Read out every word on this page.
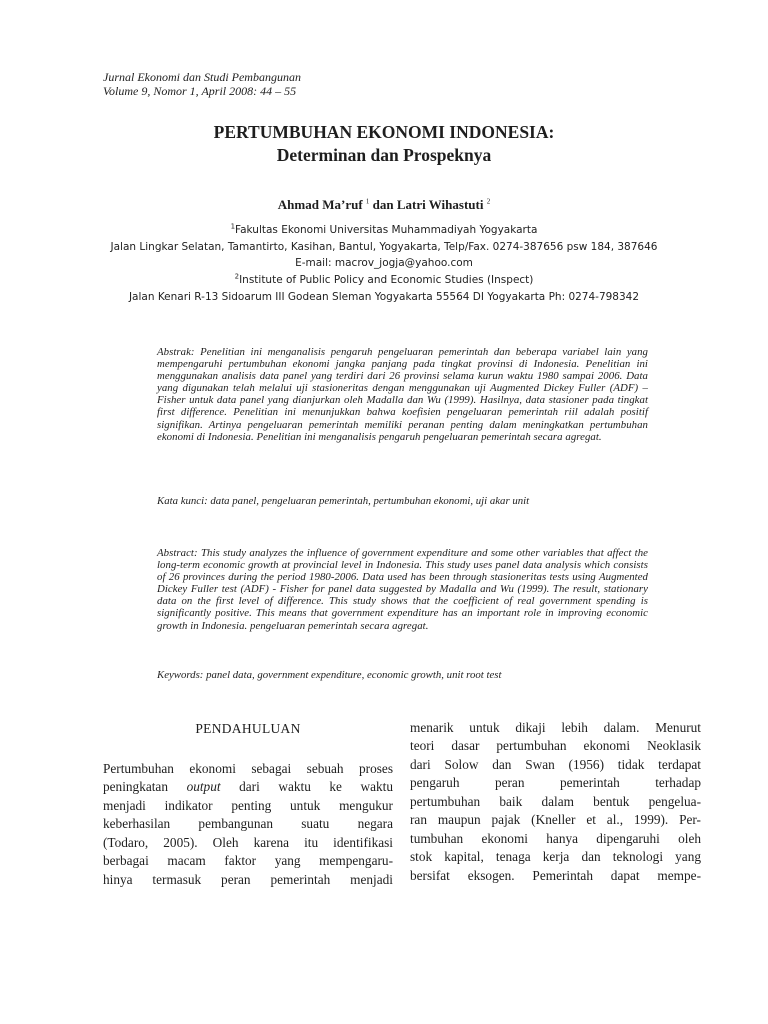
Jurnal Ekonomi dan Studi Pembangunan
Volume 9, Nomor 1, April 2008: 44 – 55
PERTUMBUHAN EKONOMI INDONESIA:
Determinan dan Prospeknya
Ahmad Ma’ruf $^1$ dan Latri Wihastuti $^2$
$^1$Fakultas Ekonomi Universitas Muhammadiyah Yogyakarta
Jalan Lingkar Selatan, Tamantirto, Kasihan, Bantul, Yogyakarta, Telp/Fax. 0274-387656 psw 184, 387646
E-mail: macrov_jogja@yahoo.com
$^2$Institute of Public Policy and Economic Studies (Inspect)
Jalan Kenari R-13 Sidoarum III Godean Sleman Yogyakarta 55564 DI Yogyakarta Ph: 0274-798342
Abstrak: Penelitian ini menganalisis pengaruh pengeluaran pemerintah dan beberapa variabel lain yang mempengaruhi pertumbuhan ekonomi jangka panjang pada tingkat provinsi di Indonesia. Penelitian ini menggunakan analisis data panel yang terdiri dari 26 provinsi selama kurun waktu 1980 sampai 2006. Data yang digunakan telah melalui uji stasioneritas dengan menggunakan uji Augmented Dickey Fuller (ADF) – Fisher untuk data panel yang dianjurkan oleh Madalla dan Wu (1999). Hasilnya, data stasioner pada tingkat first difference. Penelitian ini menunjukkan bahwa koefisien pengeluaran pemerintah riil adalah positif signifikan. Artinya pengeluaran pemerintah memiliki peranan penting dalam meningkatkan pertumbuhan ekonomi di Indonesia. Penelitian ini menganalisis pengaruh pengeluaran pemerintah secara agregat.
Kata kunci: data panel, pengeluaran pemerintah, pertumbuhan ekonomi, uji akar unit
Abstract: This study analyzes the influence of government expenditure and some other variables that affect the long-term economic growth at provincial level in Indonesia. This study uses panel data analysis which consists of 26 provinces during the period 1980-2006. Data used has been through stasioneritas tests using Augmented Dickey Fuller test (ADF) - Fisher for panel data suggested by Madalla and Wu (1999). The result, stationary data on the first level of difference. This study shows that the coefficient of real government spending is significantly positive. This means that government expenditure has an important role in improving economic growth in Indonesia. pengeluaran pemerintah secara agregat.
Keywords: panel data, government expenditure, economic growth, unit root test
PENDAHULUAN
Pertumbuhan ekonomi sebagai sebuah proses
peningkatan output dari waktu ke waktu
menjadi indikator penting untuk mengukur
keberhasilan pembangunan suatu negara
(Todaro, 2005). Oleh karena itu identifikasi
berbagai macam faktor yang mempengaru-
hinya termasuk peran pemerintah menjadi
menarik untuk dikaji lebih dalam. Menurut
teori dasar pertumbuhan ekonomi Neoklasik
dari Solow dan Swan (1956) tidak terdapat
pengaruh peran pemerintah terhadap
pertumbuhan baik dalam bentuk pengelua-
ran maupun pajak (Kneller et al., 1999). Per-
tumbuhan ekonomi hanya dipengaruhi oleh
stok kapital, tenaga kerja dan teknologi yang
bersifat eksogen. Pemerintah dapat mempe-
